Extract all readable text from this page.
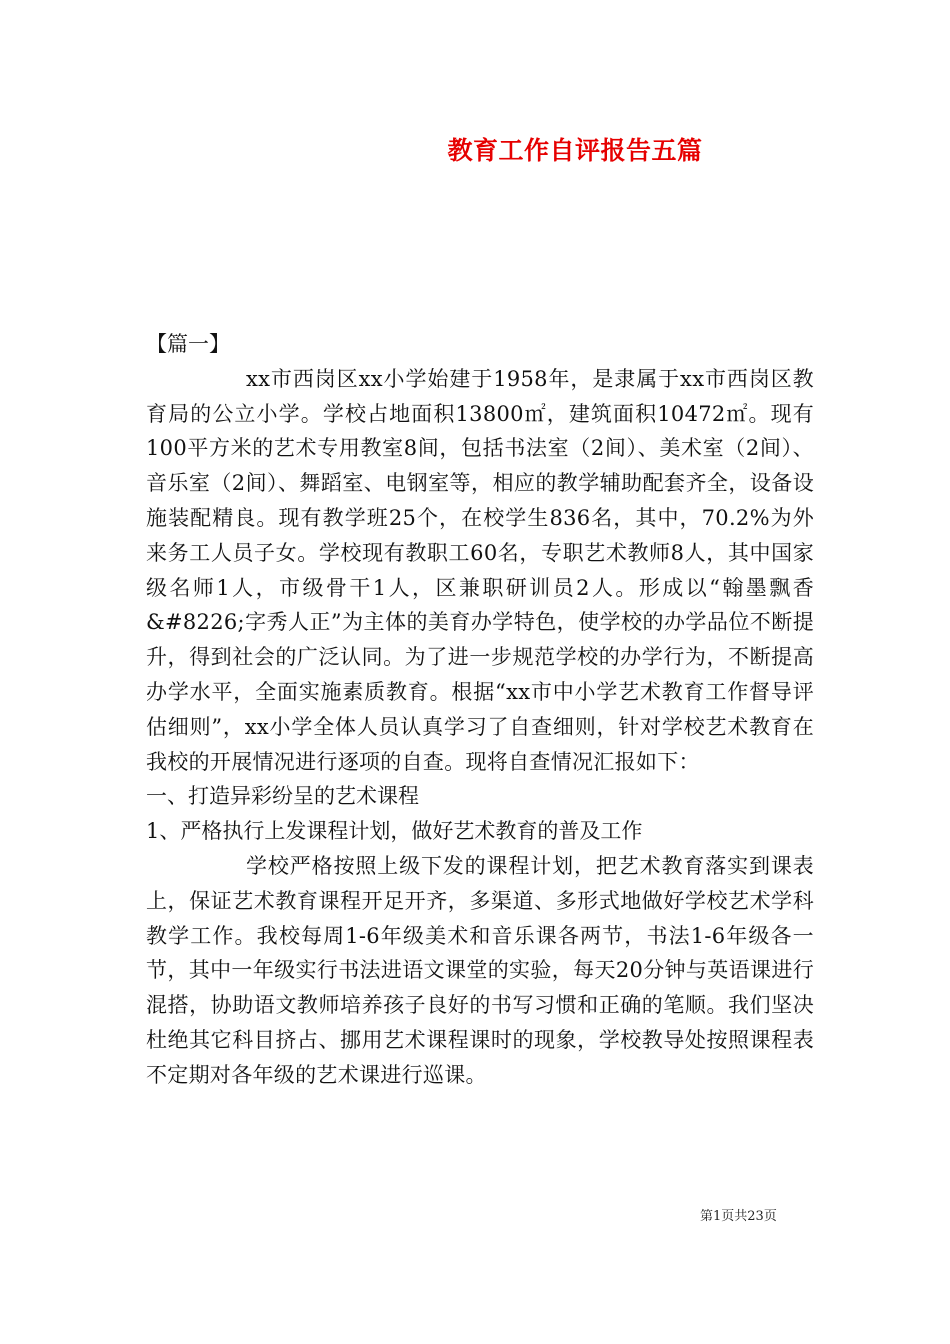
教育工作自评报告五篇

【篇一】

xx市西岗区xx小学始建于1958年，是隶属于xx市西岗区教育局的公立小学。学校占地面积13800㎡，建筑面积10472㎡。现有100平方米的艺术专用教室8间，包括书法室（2间）、美术室（2间）、音乐室（2间）、舞蹈室、电钢室等，相应的教学辅助配套齐全，设备设施装配精良。现有教学班25个，在校学生836名，其中，70.2%为外来务工人员子女。学校现有教职工60名，专职艺术教师8人，其中国家级名师1人，市级骨干1人，区兼职研训员2人。形成以“翰墨飘香&#8226;字秀人正”为主体的美育办学特色，使学校的办学品位不断提升，得到社会的广泛认同。为了进一步规范学校的办学行为，不断提高办学水平，全面实施素质教育。根据“xx市中小学艺术教育工作督导评估细则”，xx小学全体人员认真学习了自查细则，针对学校艺术教育在我校的开展情况进行逐项的自查。现将自查情况汇报如下：

一、打造异彩纷呈的艺术课程

1、严格执行上发课程计划，做好艺术教育的普及工作

学校严格按照上级下发的课程计划，把艺术教育落实到课表上，保证艺术教育课程开足开齐，多渠道、多形式地做好学校艺术学科教学工作。我校每周1-6年级美术和音乐课各两节，书法1-6年级各一节，其中一年级实行书法进语文课堂的实验，每天20分钟与英语课进行混搭，协助语文教师培养孩子良好的书写习惯和正确的笔顺。我们坚决杜绝其它科目挤占、挪用艺术课程课时的现象，学校教导处按照课程表不定期对各年级的艺术课进行巡课。

第1页共23页
